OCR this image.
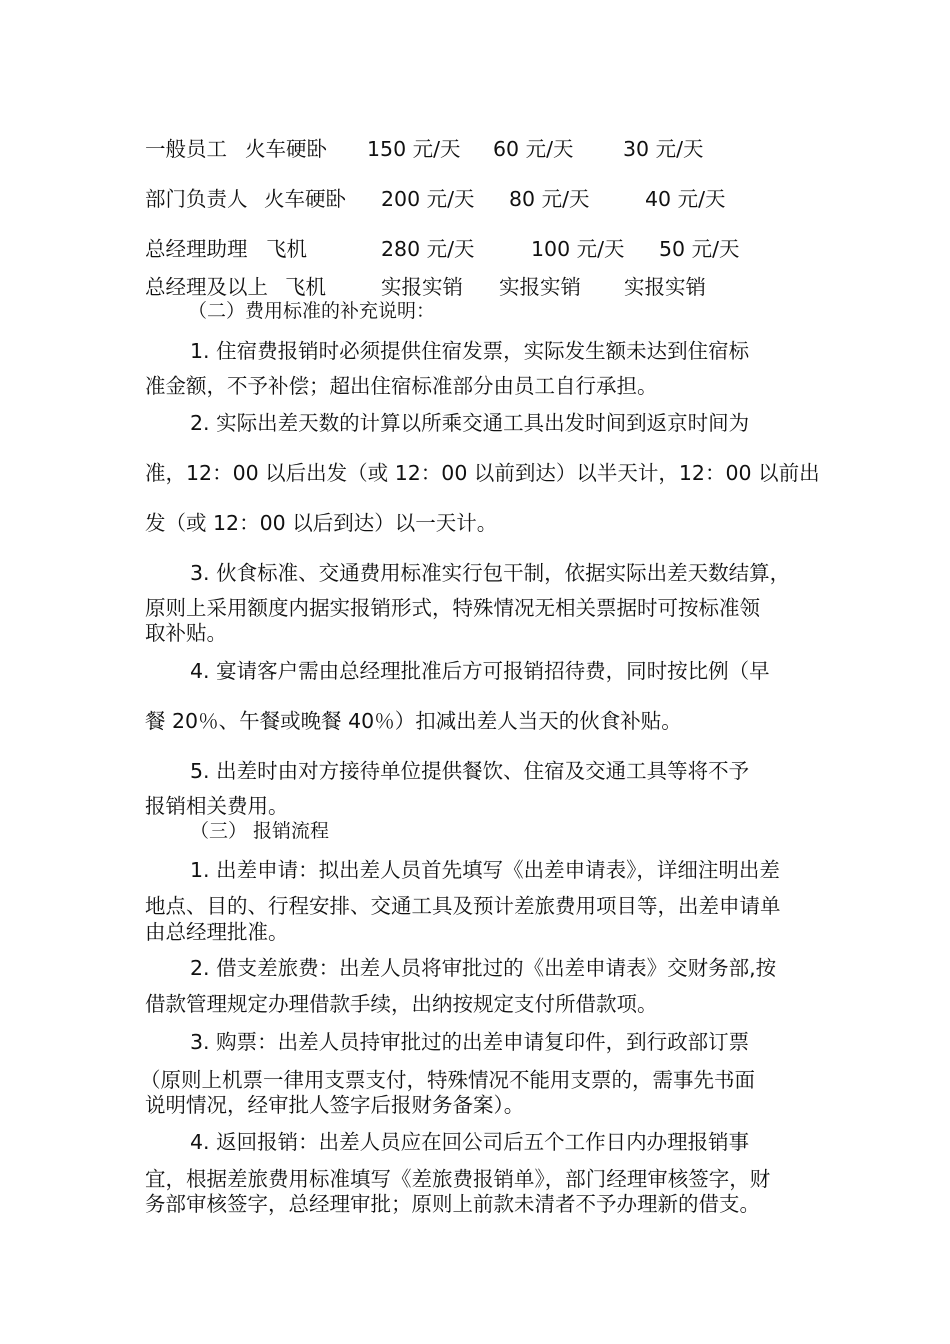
一般员工 火车硬卧 150 元/天 60 元/天 30 元/天
部门负责人 火车硬卧 200 元/天 80 元/天	40 元/天
总经理助理 飞机	280 元/天	100 元/天 50 元/天
总经理及以上 飞机	实报实销 实报实销 实报实销
（二）费用标准的补充说明：
1. 住宿费报销时必须提供住宿发票，实际发生额未达到住宿标
准金额，不予补偿；超出住宿标准部分由员工自行承担。
2. 实际出差天数的计算以所乘交通工具出发时间到返京时间为
准，12：00 以后出发（或 12：00 以前到达）以半天计，12：00 以前出
发（或 12：00 以后到达）以一天计。
3. 伙食标准、交通费用标准实行包干制，依据实际出差天数结算，
原则上采用额度内据实报销形式，特殊情况无相关票据时可按标准领
取补贴。
4. 宴请客户需由总经理批准后方可报销招待费，同时按比例（早
餐 20％、午餐或晚餐 40％）扣减出差人当天的伙食补贴。
5. 出差时由对方接待单位提供餐饮、住宿及交通工具等将不予
报销相关费用。
（三） 报销流程
1. 出差申请：拟出差人员首先填写《出差申请表》，详细注明出差
地点、目的、行程安排、交通工具及预计差旅费用项目等，出差申请单
由总经理批准。
2. 借支差旅费：出差人员将审批过的《出差申请表》交财务部,按
借款管理规定办理借款手续，出纳按规定支付所借款项。
3. 购票：出差人员持审批过的出差申请复印件，到行政部订票
（原则上机票一律用支票支付，特殊情况不能用支票的，需事先书面
说明情况，经审批人签字后报财务备案）。
4. 返回报销：出差人员应在回公司后五个工作日内办理报销事
宜，根据差旅费用标准填写《差旅费报销单》，部门经理审核签字，财
务部审核签字，总经理审批；原则上前款未清者不予办理新的借支。
